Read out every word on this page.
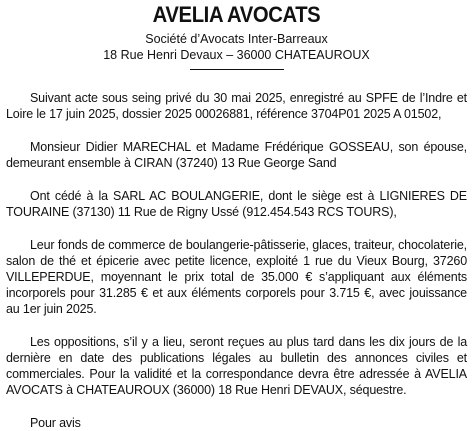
AVELIA AVOCATS
Société d’Avocats Inter-Barreaux
18 Rue Henri Devaux – 36000 CHATEAUROUX

Suivant acte sous seing privé du 30 mai 2025, enregistré au SPFE de l’Indre et Loire le 17 juin 2025, dossier 2025 00026881, référence 3704P01 2025 A 01502,

Monsieur Didier MARECHAL et Madame Frédérique GOSSEAU, son épouse, demeurant ensemble à CIRAN (37240) 13 Rue George Sand

Ont cédé à la SARL AC BOULANGERIE, dont le siège est à LIGNIERES DE TOURAINE (37130) 11 Rue de Rigny Ussé (912.454.543 RCS TOURS),

Leur fonds de commerce de boulangerie-pâtisserie, glaces, traiteur, chocolaterie, salon de thé et épicerie avec petite licence, exploité 1 rue du Vieux Bourg, 37260 VILLEPERDUE, moyennant le prix total de 35.000 € s’appliquant aux éléments incorporels pour 31.285 € et aux éléments corporels pour 3.715 €, avec jouissance au 1er juin 2025.

Les oppositions, s’il y a lieu, seront reçues au plus tard dans les dix jours de la dernière en date des publications légales au bulletin des annonces civiles et commerciales. Pour la validité et la correspondance devra être adressée à AVELIA AVOCATS à CHATEAUROUX (36000) 18 Rue Henri DEVAUX, séquestre.

Pour avis
